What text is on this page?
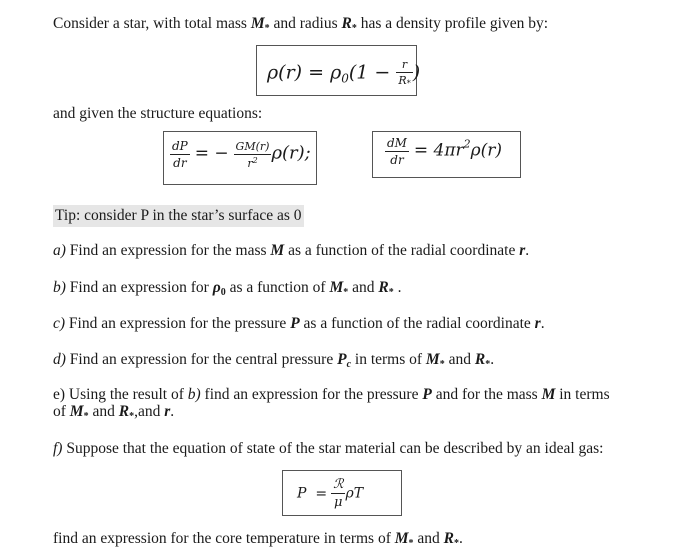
Consider a star, with total mass $M_*$ and radius $R_*$ has a density profile given by:
$\rho(r) = \rho_0(1 - \frac{r}{R*}$ )
and given the structure equations:
$\frac{dP}{dr}$ = − $\frac{GM(r)}{r^2} \rho(r)$;	$\frac{dM}{dr} = 4\pi r^2\rho(r)$
Tip: consider P in the star’s surface as 0
a) Find an expression for the mass M as a function of the radial coordinate r.
b) Find an expression for $\rho_0$ as a function of $M_*$ and $R_*$ .
c) Find an expression for the pressure P as a function of the radial coordinate r.
d) Find an expression for the central pressure $P_c$ in terms of $M_*$ and $R_*$.
e) Using the result of b) find an expression for the pressure P and for the mass M in terms
of $M_*$ and $R_*,and$ r.
f) Suppose that the equation of state of the star material can be described by an ideal gas:
$P = \frac{\text{ℛ}}{\mu}$ ρT
find an expression for the core temperature in terms of $M_*$ and $R_*$.
